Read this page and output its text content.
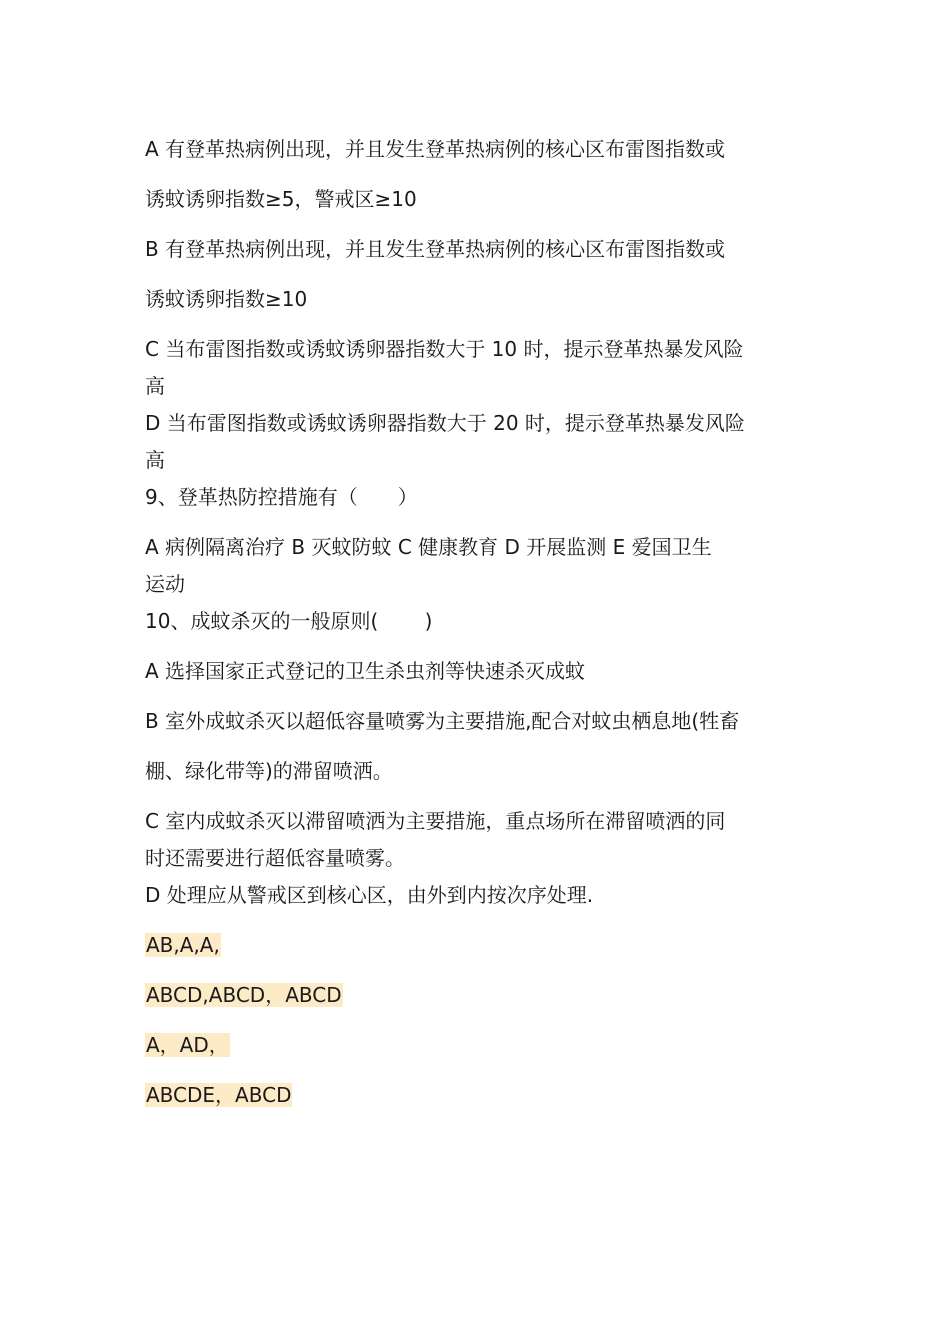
A 有登革热病例出现，并且发生登革热病例的核心区布雷图指数或

诱蚊诱卵指数≥5，警戒区≥10

B 有登革热病例出现，并且发生登革热病例的核心区布雷图指数或

诱蚊诱卵指数≥10

C 当布雷图指数或诱蚊诱卵器指数大于 10 时，提示登革热暴发风险

高

D 当布雷图指数或诱蚊诱卵器指数大于 20 时，提示登革热暴发风险

高

9、登革热防控措施有（　　）

A 病例隔离治疗 B 灭蚊防蚊 C 健康教育 D 开展监测 E 爱国卫生

运动

10、成蚊杀灭的一般原则(　　 )

A 选择国家正式登记的卫生杀虫剂等快速杀灭成蚊

B 室外成蚊杀灭以超低容量喷雾为主要措施,配合对蚊虫栖息地(牲畜

棚、绿化带等)的滞留喷洒。

C 室内成蚊杀灭以滞留喷洒为主要措施，重点场所在滞留喷洒的同

时还需要进行超低容量喷雾。

D 处理应从警戒区到核心区，由外到内按次序处理.

AB,A,A,

ABCD,ABCD，ABCD

A，AD，

ABCDE，ABCD
